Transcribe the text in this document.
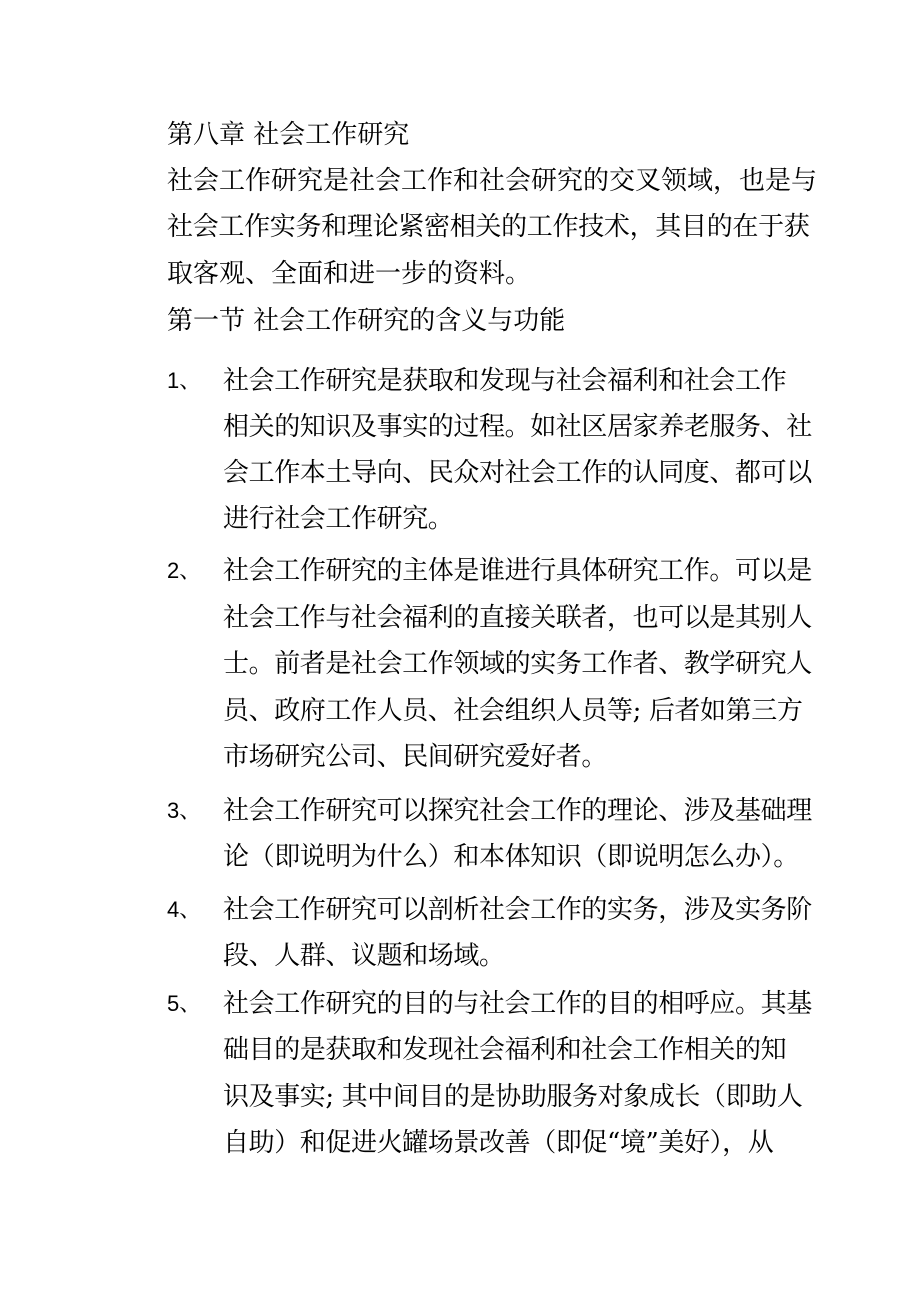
第八章 社会工作研究

社会工作研究是社会工作和社会研究的交叉领域，也是与

社会工作实务和理论紧密相关的工作技术，其目的在于获

取客观、全面和进一步的资料。

第一节 社会工作研究的含义与功能

1、 社会工作研究是获取和发现与社会福利和社会工作
相关的知识及事实的过程。如社区居家养老服务、社
会工作本土导向、民众对社会工作的认同度、都可以
进行社会工作研究。
2、 社会工作研究的主体是谁进行具体研究工作。可以是
社会工作与社会福利的直接关联者，也可以是其别人
士。前者是社会工作领域的实务工作者、教学研究人
员、政府工作人员、社会组织人员等; 后者如第三方
市场研究公司、民间研究爱好者。
3、 社会工作研究可以探究社会工作的理论、涉及基础理
论（即说明为什么）和本体知识（即说明怎么办）。
4、 社会工作研究可以剖析社会工作的实务，涉及实务阶
段、人群、议题和场域。
5、 社会工作研究的目的与社会工作的目的相呼应。其基
础目的是获取和发现社会福利和社会工作相关的知
识及事实; 其中间目的是协助服务对象成长（即助人
自助）和促进火罐场景改善（即促“境”美好），从
